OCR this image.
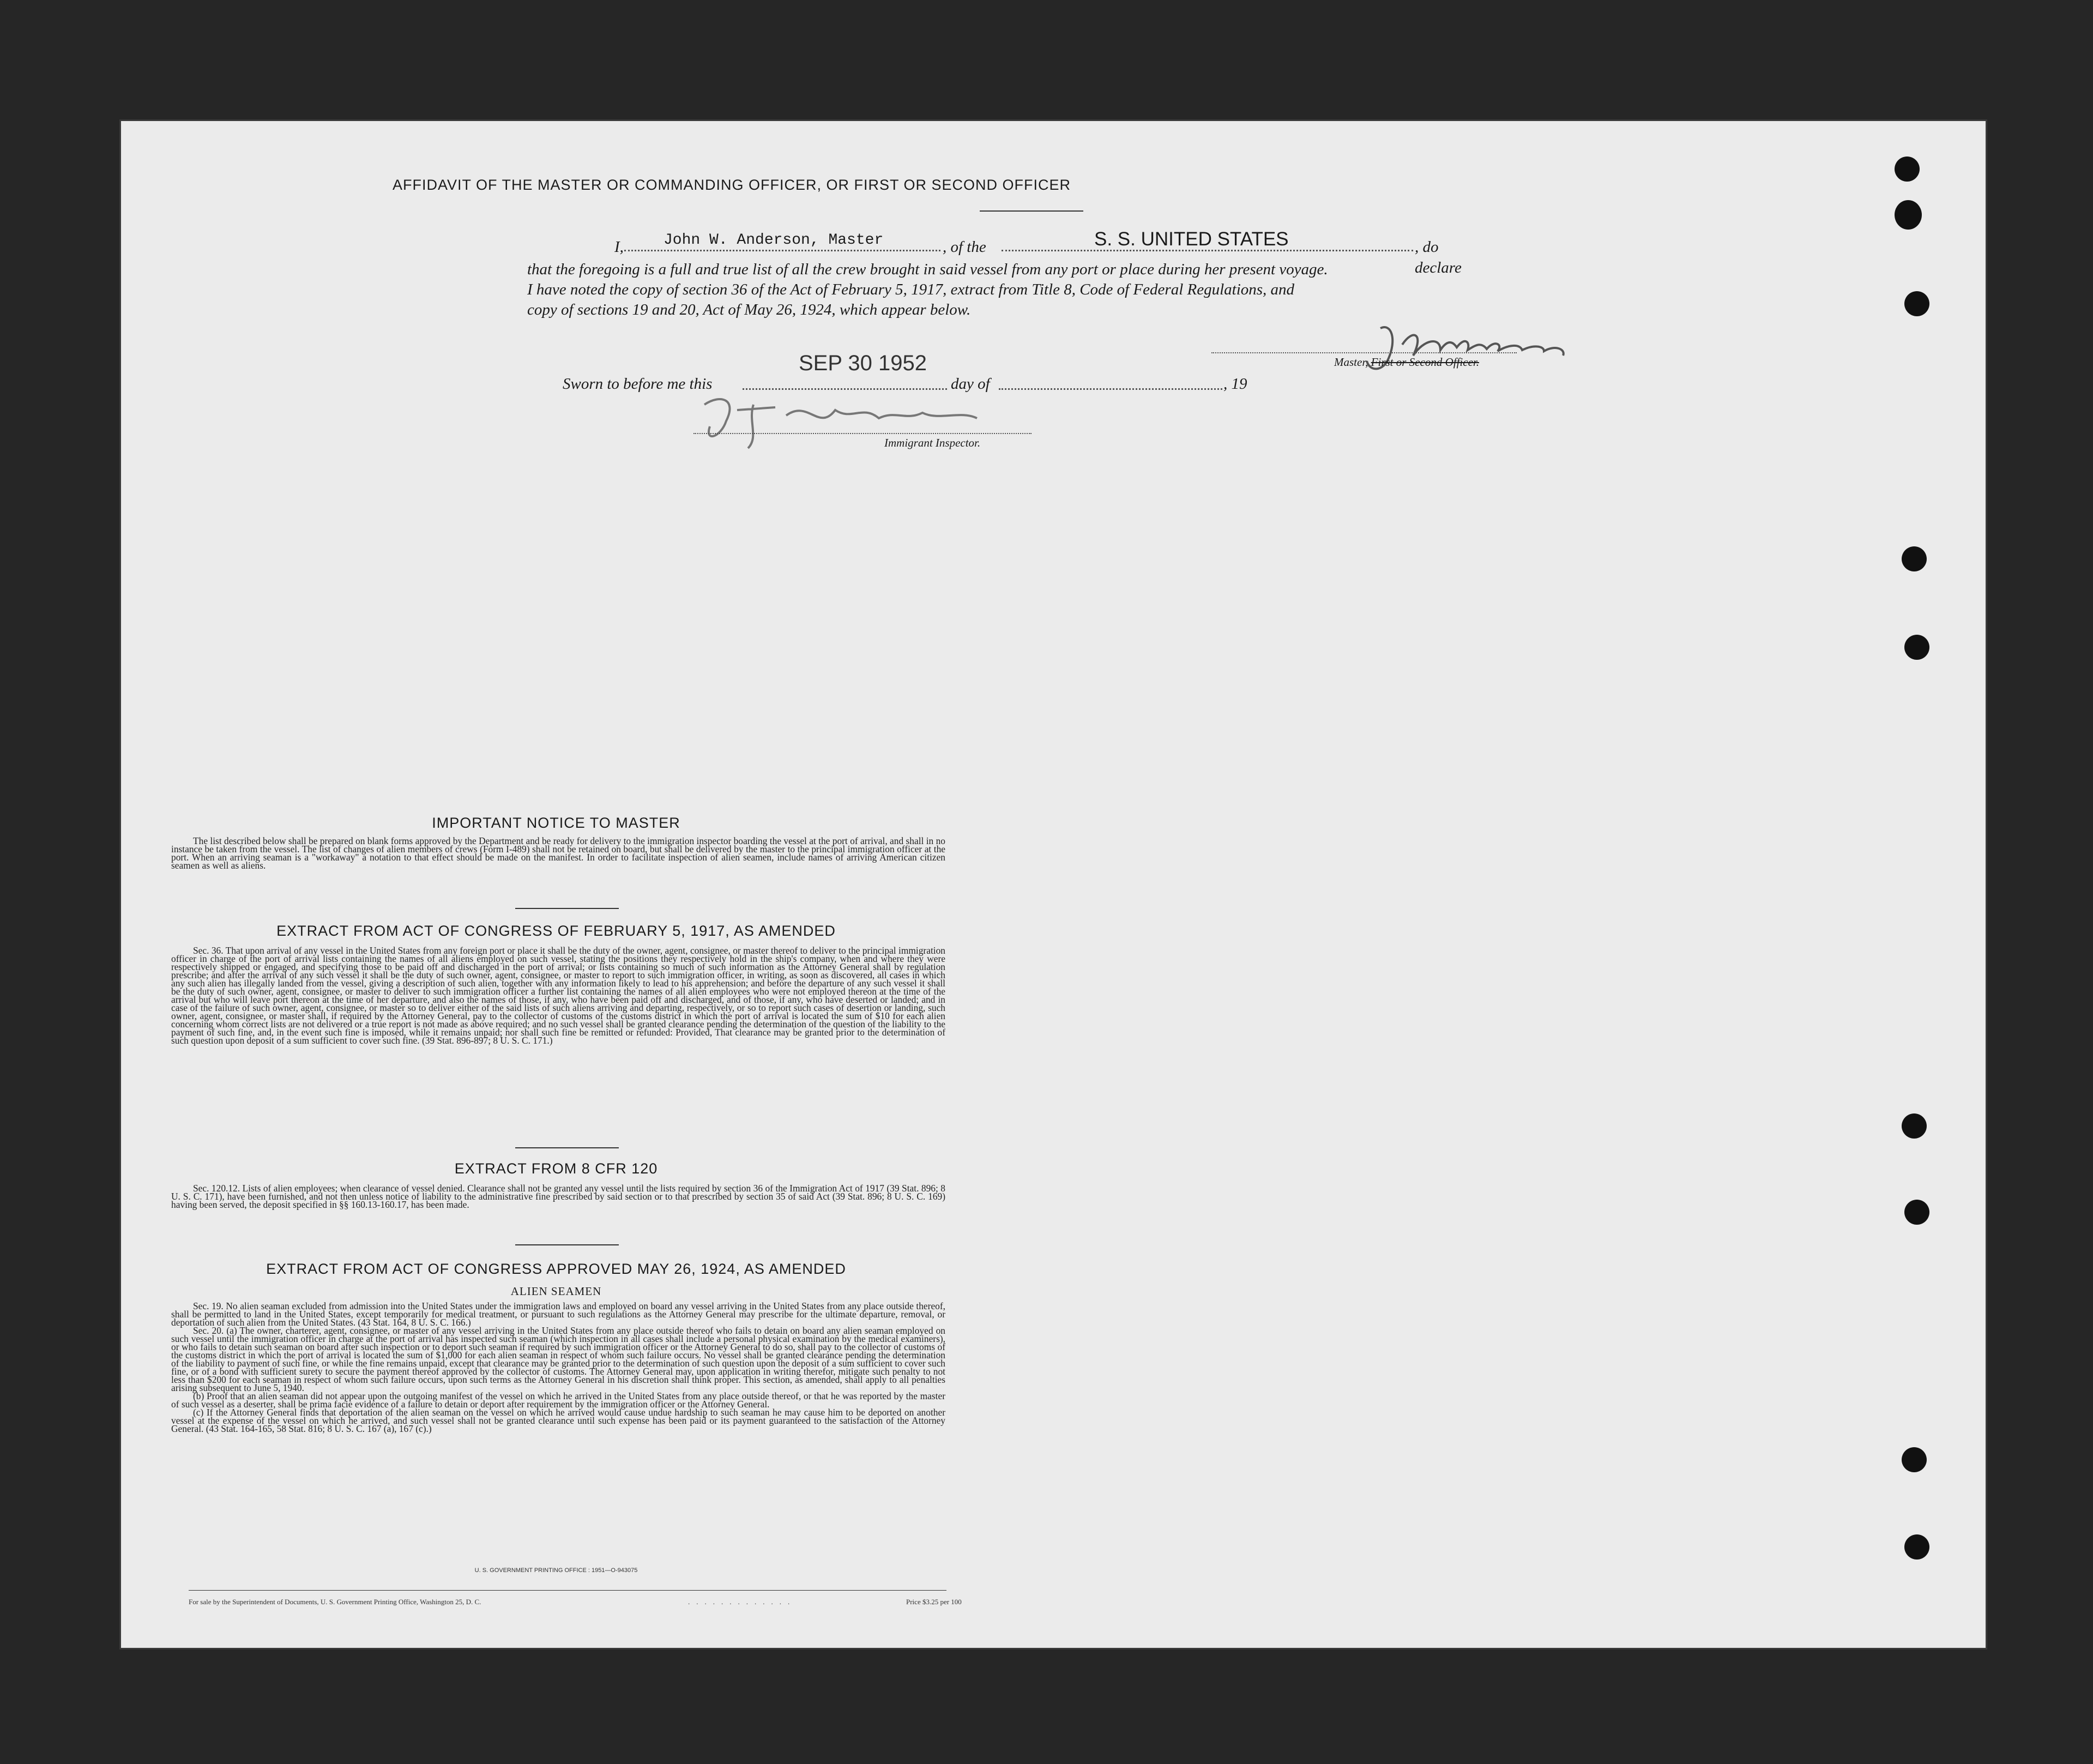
AFFIDAVIT OF THE MASTER OR COMMANDING OFFICER, OR FIRST OR SECOND OFFICER
I,	John W. Anderson, Master	, of the	S. S. UNITED STATES	, do declare
that the foregoing is a full and true list of all the crew brought in said vessel from any port or place during her present voyage.
I have noted the copy of section 36 of the Act of February 5, 1917, extract from Title 8, Code of Federal Regulations, and
copy of sections 19 and 20, Act of May 26, 1924, which appear below.
Master, First or Second Officer.
Sworn to before me this
SEP 30 1952
day of	, 19
Immigrant Inspector.
IMPORTANT NOTICE TO MASTER

The list described below shall be prepared on blank forms approved by the Department and be ready for delivery to the immigration inspector boarding the vessel at the port of arrival, and shall in no instance be taken from the vessel. The list of changes of alien members of crews (Form I-489) shall not be retained on board, but shall be delivered by the master to the principal immigration officer at the port. When an arriving seaman is a "workaway" a notation to that effect should be made on the manifest. In order to facilitate inspection of alien seamen, include names of arriving American citizen seamen as well as aliens.

EXTRACT FROM ACT OF CONGRESS OF FEBRUARY 5, 1917, AS AMENDED

Sec. 36. That upon arrival of any vessel in the United States from any foreign port or place it shall be the duty of the owner, agent, consignee, or master thereof to deliver to the principal immigration officer in charge of the port of arrival lists containing the names of all aliens employed on such vessel, stating the positions they respectively hold in the ship's company, when and where they were respectively shipped or engaged, and specifying those to be paid off and discharged in the port of arrival; or lists containing so much of such information as the Attorney General shall by regulation prescribe; and after the arrival of any such vessel it shall be the duty of such owner, agent, consignee, or master to report to such immigration officer, in writing, as soon as discovered, all cases in which any such alien has illegally landed from the vessel, giving a description of such alien, together with any information likely to lead to his apprehension; and before the departure of any such vessel it shall be the duty of such owner, agent, consignee, or master to deliver to such immigration officer a further list containing the names of all alien employees who were not employed thereon at the time of the arrival but who will leave port thereon at the time of her departure, and also the names of those, if any, who have been paid off and discharged, and of those, if any, who have deserted or landed; and in case of the failure of such owner, agent, consignee, or master so to deliver either of the said lists of such aliens arriving and departing, respectively, or so to report such cases of desertion or landing, such owner, agent, consignee, or master shall, if required by the Attorney General, pay to the collector of customs of the customs district in which the port of arrival is located the sum of $10 for each alien concerning whom correct lists are not delivered or a true report is not made as above required; and no such vessel shall be granted clearance pending the determination of the question of the liability to the payment of such fine, and, in the event such fine is imposed, while it remains unpaid; nor shall such fine be remitted or refunded: Provided, That clearance may be granted prior to the determination of such question upon deposit of a sum sufficient to cover such fine. (39 Stat. 896-897; 8 U. S. C. 171.)

EXTRACT FROM 8 CFR 120

Sec. 120.12. Lists of alien employees; when clearance of vessel denied. Clearance shall not be granted any vessel until the lists required by section 36 of the Immigration Act of 1917 (39 Stat. 896; 8 U. S. C. 171), have been furnished, and not then unless notice of liability to the administrative fine prescribed by said section or to that prescribed by section 35 of said Act (39 Stat. 896; 8 U. S. C. 169) having been served, the deposit specified in §§ 160.13-160.17, has been made.

EXTRACT FROM ACT OF CONGRESS APPROVED MAY 26, 1924, AS AMENDED
ALIEN SEAMEN

Sec. 19. No alien seaman excluded from admission into the United States under the immigration laws and employed on board any vessel arriving in the United States from any place outside thereof, shall be permitted to land in the United States, except temporarily for medical treatment, or pursuant to such regulations as the Attorney General may prescribe for the ultimate departure, removal, or deportation of such alien from the United States. (43 Stat. 164, 8 U. S. C. 166.)

Sec. 20. (a) The owner, charterer, agent, consignee, or master of any vessel arriving in the United States from any place outside thereof who fails to detain on board any alien seaman employed on such vessel until the immigration officer in charge at the port of arrival has inspected such seaman (which inspection in all cases shall include a personal physical examination by the medical examiners), or who fails to detain such seaman on board after such inspection or to deport such seaman if required by such immigration officer or the Attorney General to do so, shall pay to the collector of customs of the customs district in which the port of arrival is located the sum of $1,000 for each alien seaman in respect of whom such failure occurs. No vessel shall be granted clearance pending the determination of the liability to payment of such fine, or while the fine remains unpaid, except that clearance may be granted prior to the determination of such question upon the deposit of a sum sufficient to cover such fine, or of a bond with sufficient surety to secure the payment thereof approved by the collector of customs. The Attorney General may, upon application in writing therefor, mitigate such penalty to not less than $200 for each seaman in respect of whom such failure occurs, upon such terms as the Attorney General in his discretion shall think proper. This section, as amended, shall apply to all penalties arising subsequent to June 5, 1940.

(b) Proof that an alien seaman did not appear upon the outgoing manifest of the vessel on which he arrived in the United States from any place outside thereof, or that he was reported by the master of such vessel as a deserter, shall be prima facie evidence of a failure to detain or deport after requirement by the immigration officer or the Attorney General.

(c) If the Attorney General finds that deportation of the alien seaman on the vessel on which he arrived would cause undue hardship to such seaman he may cause him to be deported on another vessel at the expense of the vessel on which he arrived, and such vessel shall not be granted clearance until such expense has been paid or its payment guaranteed to the satisfaction of the Attorney General. (43 Stat. 164-165, 58 Stat. 816; 8 U. S. C. 167 (a), 167 (c).)

U. S. GOVERNMENT PRINTING OFFICE : 1951—O-943075
For sale by the Superintendent of Documents, U. S. Government Printing Office, Washington 25, D. C.	.............	Price $3.25 per 100
